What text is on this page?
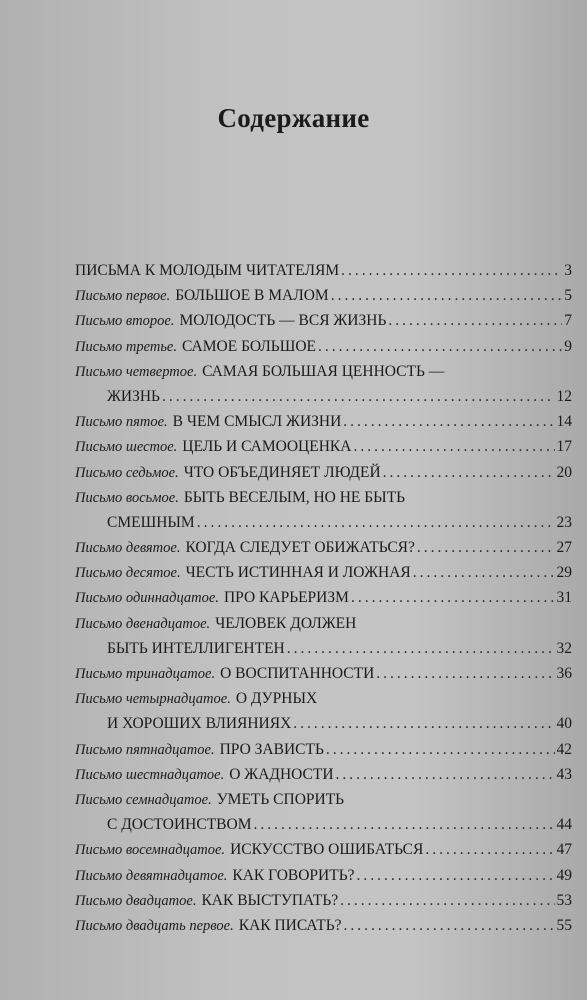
Содержание
ПИСЬМА К МОЛОДЫМ ЧИТАТЕЛЯМ .....	3
Письмо первое. БОЛЬШОЕ В МАЛОМ .....	5
Письмо второе. МОЛОДОСТЬ — ВСЯ ЖИЗНЬ .....	7
Письмо третье. САМОЕ БОЛЬШОЕ .....	9
Письмо четвертое. САМАЯ БОЛЬШАЯ ЦЕННОСТЬ —
ЖИЗНЬ .....	12
Письмо пятое. В ЧЕМ СМЫСЛ ЖИЗНИ .....	14
Письмо шестое. ЦЕЛЬ И САМООЦЕНКА .....	17
Письмо седьмое. ЧТО ОБЪЕДИНЯЕТ ЛЮДЕЙ .....	20
Письмо восьмое. БЫТЬ ВЕСЕЛЫМ, НО НЕ БЫТЬ
СМЕШНЫМ .....	23
Письмо девятое. КОГДА СЛЕДУЕТ ОБИЖАТЬСЯ? .....	27
Письмо десятое. ЧЕСТЬ ИСТИННАЯ И ЛОЖНАЯ .....	29
Письмо одиннадцатое. ПРО КАРЬЕРИЗМ .....	31
Письмо двенадцатое. ЧЕЛОВЕК ДОЛЖЕН
БЫТЬ ИНТЕЛЛИГЕНТЕН .....	32
Письмо тринадцатое. О ВОСПИТАННОСТИ .....	36
Письмо четырнадцатое. О ДУРНЫХ
И ХОРОШИХ ВЛИЯНИЯХ .....	40
Письмо пятнадцатое. ПРО ЗАВИСТЬ .....	42
Письмо шестнадцатое. О ЖАДНОСТИ .....	43
Письмо семнадцатое. УМЕТЬ СПОРИТЬ
С ДОСТОИНСТВОМ .....	44
Письмо восемнадцатое. ИСКУССТВО ОШИБАТЬСЯ .....	47
Письмо девятнадцатое. КАК ГОВОРИТЬ? .....	49
Письмо двадцатое. КАК ВЫСТУПАТЬ? .....	53
Письмо двадцать первое. КАК ПИСАТЬ? .....	55
